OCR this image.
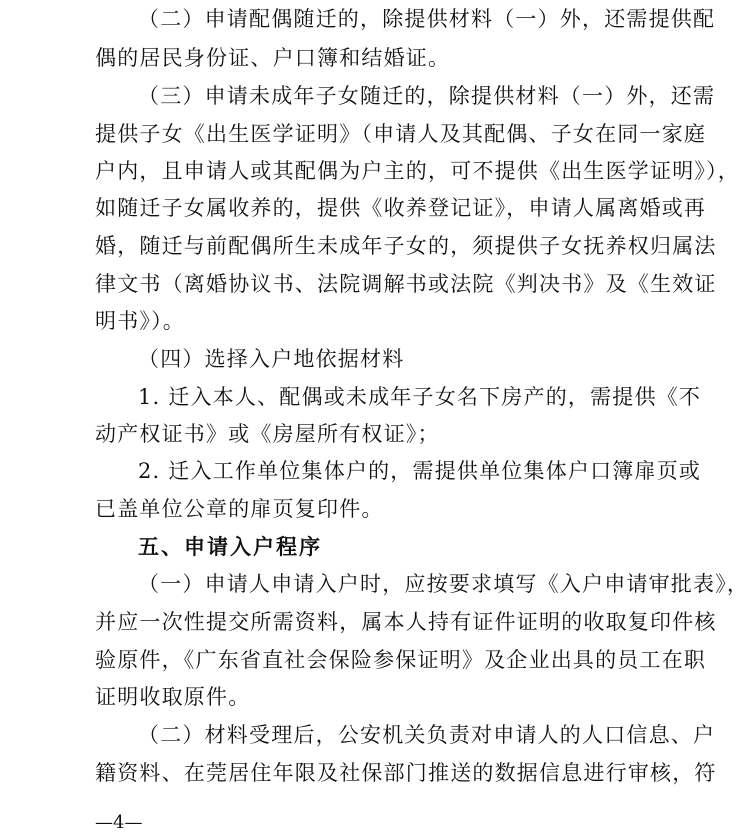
（二）申请配偶随迁的，除提供材料（一）外，还需提供配
偶的居民身份证、户口簿和结婚证。
（三）申请未成年子女随迁的，除提供材料（一）外，还需
提供子女《出生医学证明》（申请人及其配偶、子女在同一家庭
户内，且申请人或其配偶为户主的，可不提供《出生医学证明》），
如随迁子女属收养的，提供《收养登记证》，申请人属离婚或再
婚，随迁与前配偶所生未成年子女的，须提供子女抚养权归属法
律文书（离婚协议书、法院调解书或法院《判决书》及《生效证
明书》）。
（四）选择入户地依据材料
1. 迁入本人、配偶或未成年子女名下房产的，需提供《不
动产权证书》或《房屋所有权证》；
2. 迁入工作单位集体户的，需提供单位集体户口簿扉页或
已盖单位公章的扉页复印件。
五、申请入户程序
（一）申请人申请入户时，应按要求填写《入户申请审批表》，
并应一次性提交所需资料，属本人持有证件证明的收取复印件核
验原件，《广东省直社会保险参保证明》及企业出具的员工在职
证明收取原件。
（二）材料受理后，公安机关负责对申请人的人口信息、户
籍资料、在莞居住年限及社保部门推送的数据信息进行审核，符
—4—
